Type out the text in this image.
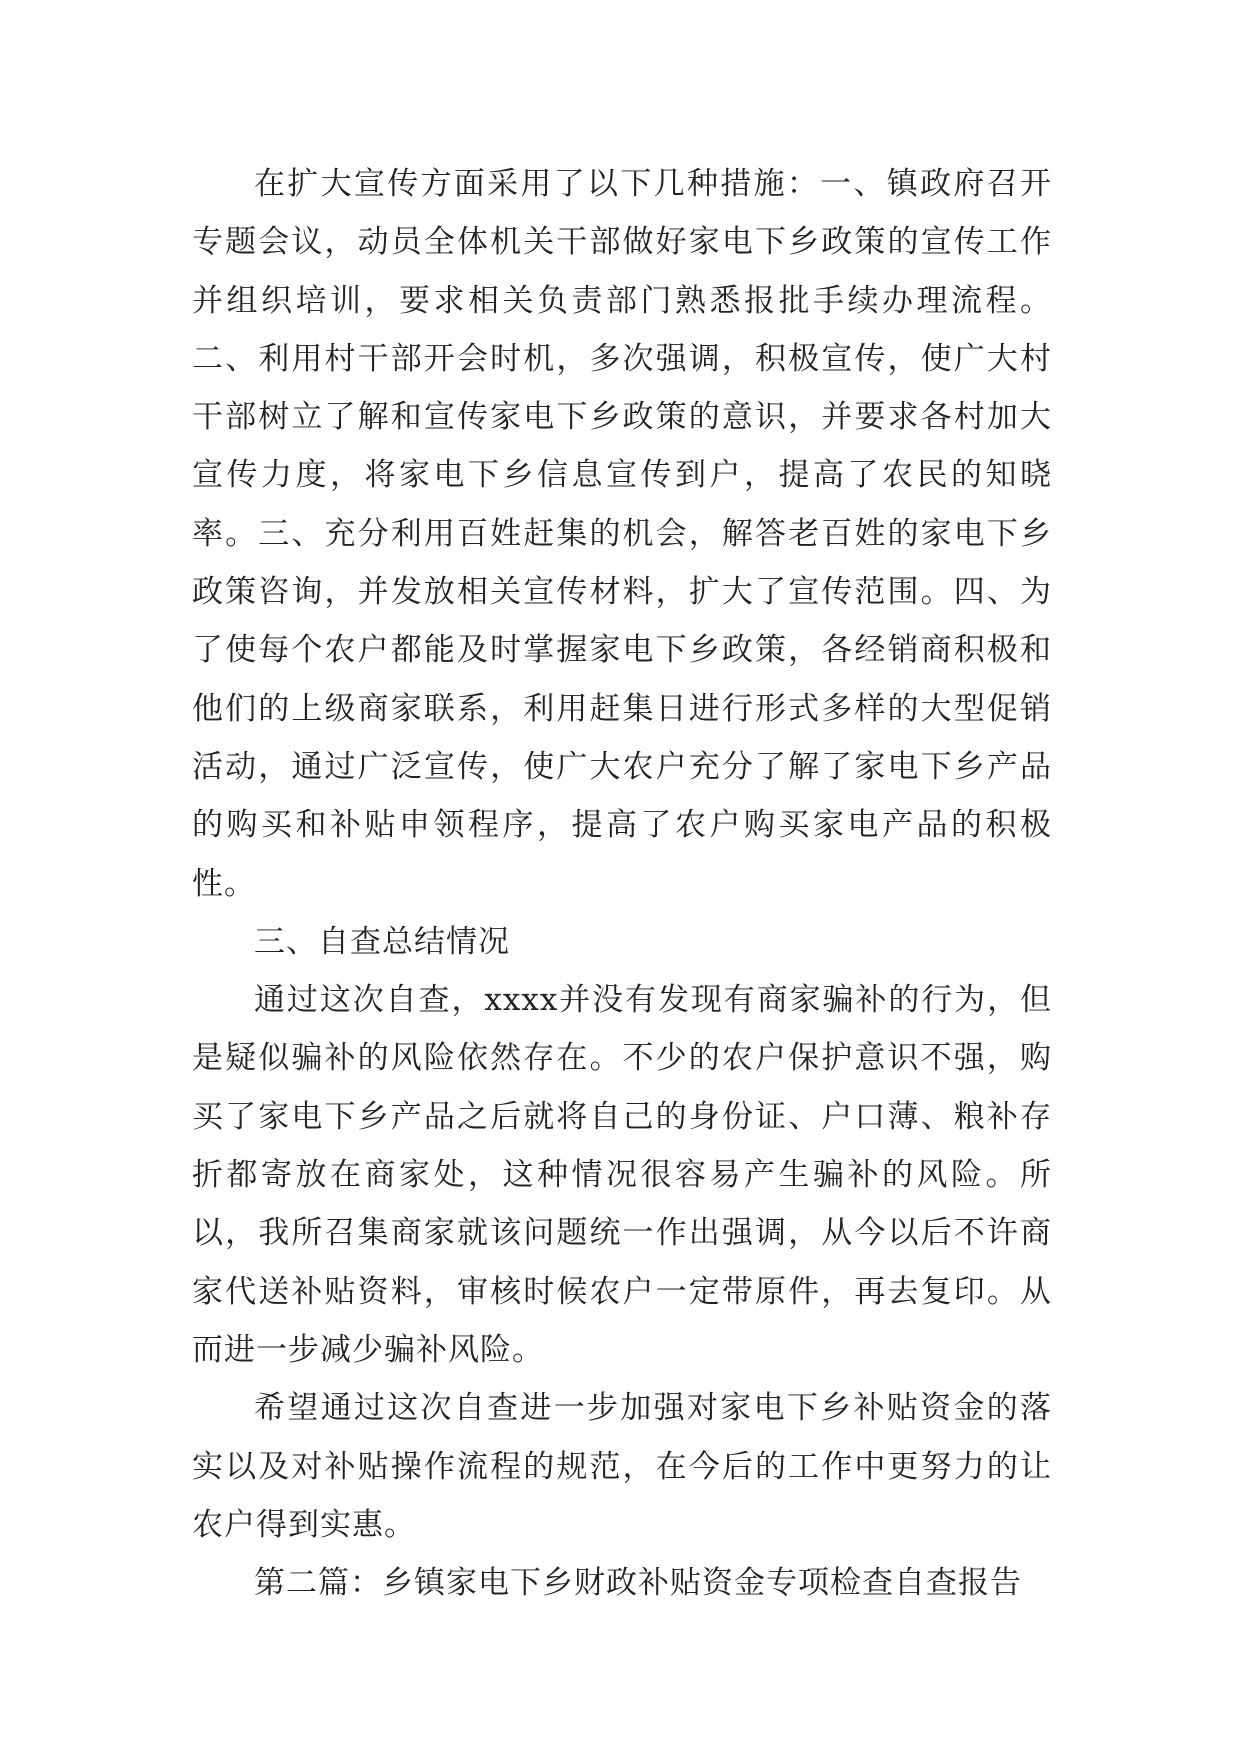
在扩大宣传方面采用了以下几种措施：一、镇政府召开专题会议，动员全体机关干部做好家电下乡政策的宣传工作并组织培训，要求相关负责部门熟悉报批手续办理流程。二、利用村干部开会时机，多次强调，积极宣传，使广大村干部树立了解和宣传家电下乡政策的意识，并要求各村加大宣传力度，将家电下乡信息宣传到户，提高了农民的知晓率。三、充分利用百姓赶集的机会，解答老百姓的家电下乡政策咨询，并发放相关宣传材料，扩大了宣传范围。四、为了使每个农户都能及时掌握家电下乡政策，各经销商积极和他们的上级商家联系，利用赶集日进行形式多样的大型促销活动，通过广泛宣传，使广大农户充分了解了家电下乡产品的购买和补贴申领程序，提高了农户购买家电产品的积极性。

三、自查总结情况

通过这次自查，xxxx并没有发现有商家骗补的行为，但是疑似骗补的风险依然存在。不少的农户保护意识不强，购买了家电下乡产品之后就将自己的身份证、户口薄、粮补存折都寄放在商家处，这种情况很容易产生骗补的风险。所以，我所召集商家就该问题统一作出强调，从今以后不许商家代送补贴资料，审核时候农户一定带原件，再去复印。从而进一步减少骗补风险。

希望通过这次自查进一步加强对家电下乡补贴资金的落实以及对补贴操作流程的规范，在今后的工作中更努力的让农户得到实惠。

第二篇：乡镇家电下乡财政补贴资金专项检查自查报告
